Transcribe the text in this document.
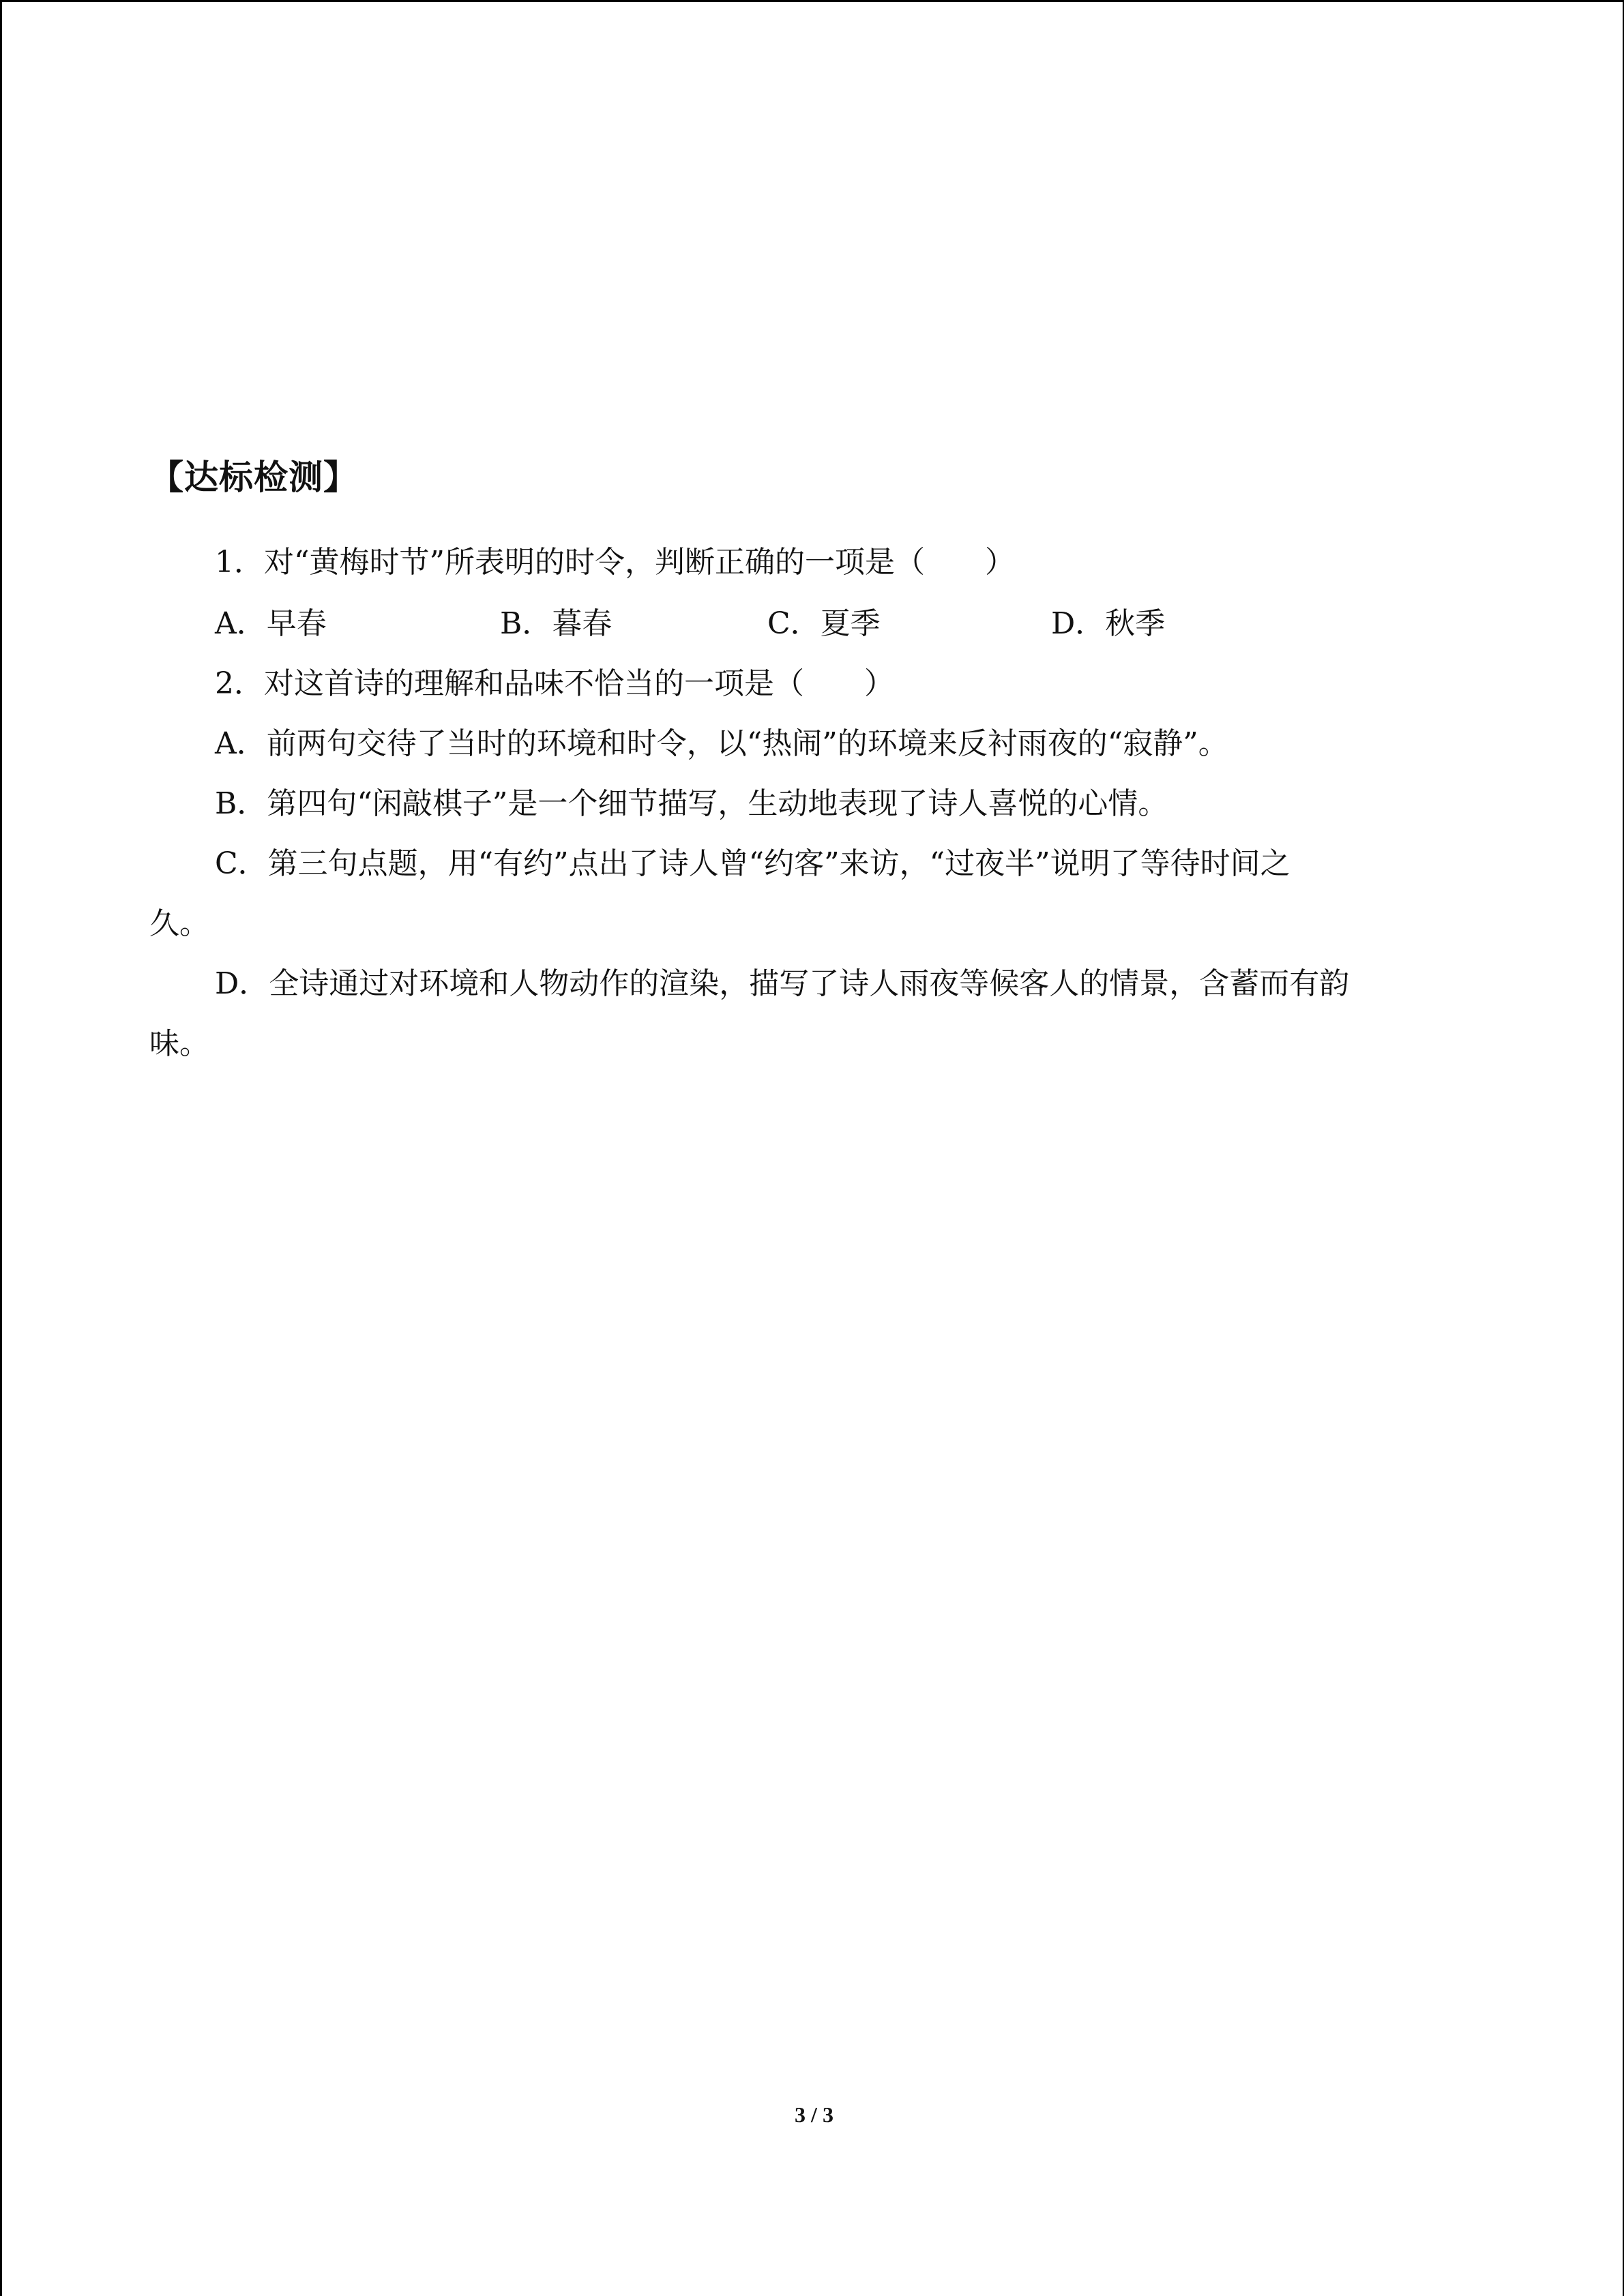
【达标检测】
1．对“黄梅时节”所表明的时令，判断正确的一项是（　　）
A．早春	B．暮春	C．夏季	D．秋季
2．对这首诗的理解和品味不恰当的一项是（　　）
A．前两句交待了当时的环境和时令，以“热闹”的环境来反衬雨夜的“寂静”。
B．第四句“闲敲棋子”是一个细节描写，生动地表现了诗人喜悦的心情。
C．第三句点题，用“有约”点出了诗人曾“约客”来访，“过夜半”说明了等待时间之
久。
D．全诗通过对环境和人物动作的渲染，描写了诗人雨夜等候客人的情景，含蓄而有韵
味。
3 / 3
